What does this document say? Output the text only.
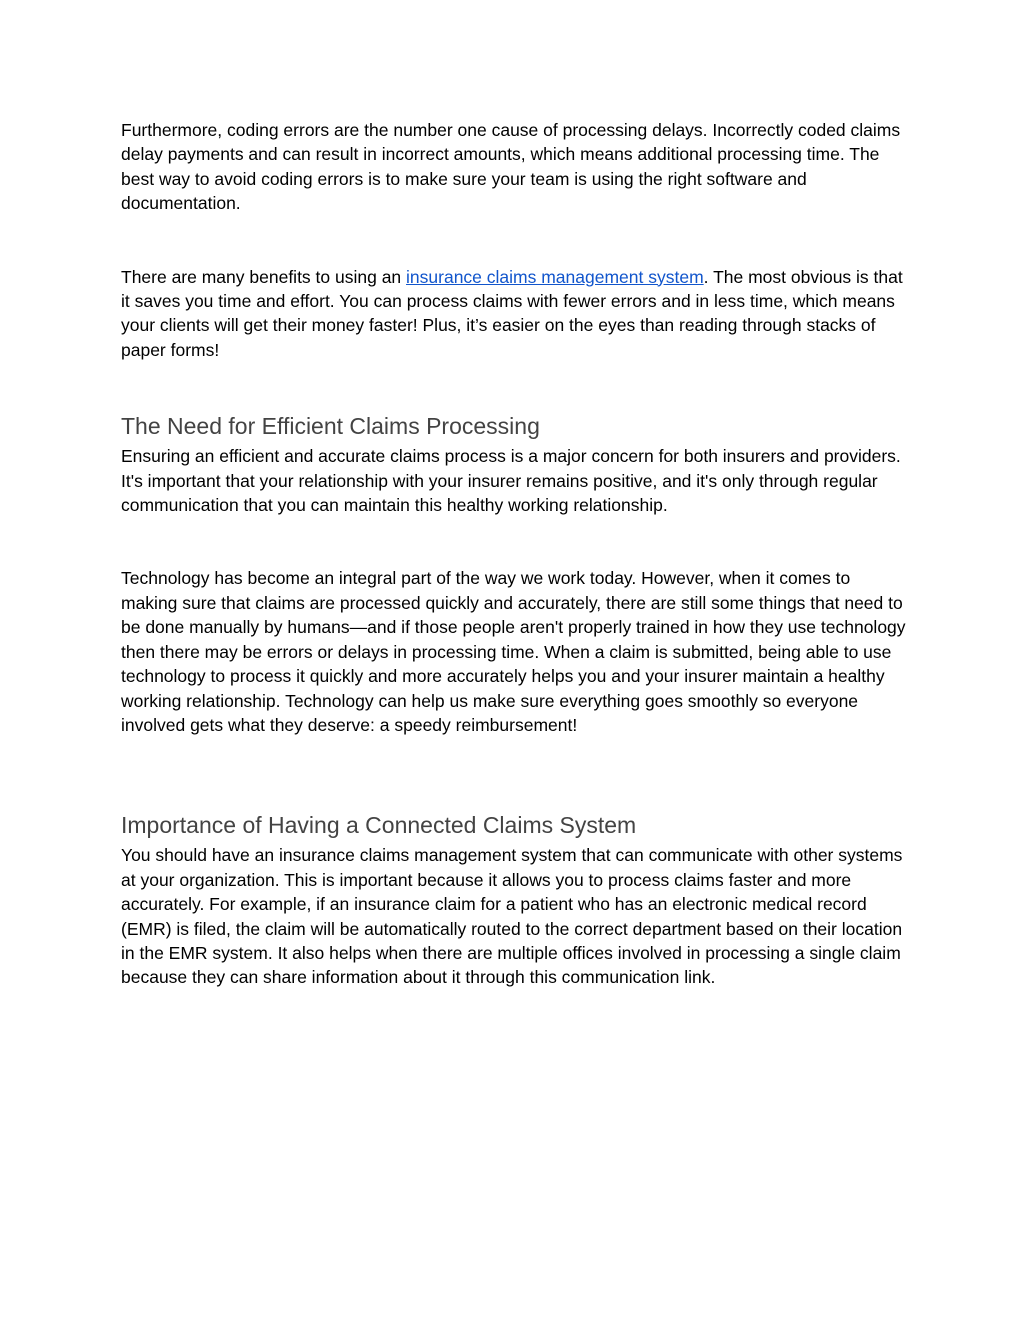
Furthermore, coding errors are the number one cause of processing delays. Incorrectly coded claims delay payments and can result in incorrect amounts, which means additional processing time. The best way to avoid coding errors is to make sure your team is using the right software and documentation.

There are many benefits to using an insurance claims management system. The most obvious is that it saves you time and effort. You can process claims with fewer errors and in less time, which means your clients will get their money faster! Plus, it’s easier on the eyes than reading through stacks of paper forms!

The Need for Efficient Claims Processing

Ensuring an efficient and accurate claims process is a major concern for both insurers and providers. It's important that your relationship with your insurer remains positive, and it's only through regular communication that you can maintain this healthy working relationship.

Technology has become an integral part of the way we work today. However, when it comes to making sure that claims are processed quickly and accurately, there are still some things that need to be done manually by humans—and if those people aren't properly trained in how they use technology then there may be errors or delays in processing time. When a claim is submitted, being able to use technology to process it quickly and more accurately helps you and your insurer maintain a healthy working relationship. Technology can help us make sure everything goes smoothly so everyone involved gets what they deserve: a speedy reimbursement!

Importance of Having a Connected Claims System

You should have an insurance claims management system that can communicate with other systems at your organization. This is important because it allows you to process claims faster and more accurately. For example, if an insurance claim for a patient who has an electronic medical record (EMR) is filed, the claim will be automatically routed to the correct department based on their location in the EMR system. It also helps when there are multiple offices involved in processing a single claim because they can share information about it through this communication link.
